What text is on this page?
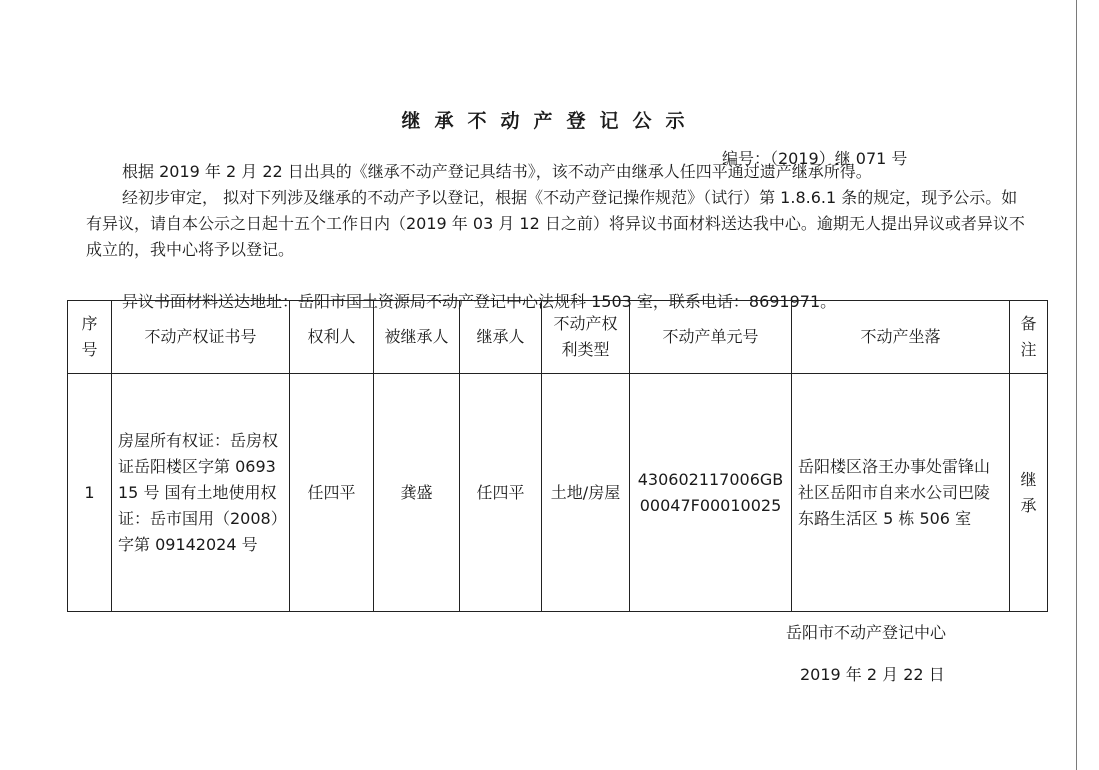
继承不动产登记公示
编号：（2019）继 071 号

根据 2019 年 2 月 22 日出具的《继承不动产登记具结书》，该不动产由继承人任四平通过遗产继承所得。

经初步审定， 拟对下列涉及继承的不动产予以登记，根据《不动产登记操作规范》（试行）第 1.8.6.1 条的规定，现予公示。如有异议，请自本公示之日起十五个工作日内（2019 年 03 月 12 日之前）将异议书面材料送达我中心。逾期无人提出异议或者异议不成立的，我中心将予以登记。

异议书面材料送达地址：岳阳市国土资源局不动产登记中心法规科 1503 室，联系电话：8691971。

序号	不动产权证书号	权利人	被继承人	继承人	不动产权利类型	不动产单元号	不动产坐落	备注
1	房屋所有权证：岳房权证岳阳楼区字第 069315 号 国有土地使用权证：岳市国用（2008）字第 09142024 号	任四平	龚盛	任四平	土地/房屋	430602117006GB00047F00010025	岳阳楼区洛王办事处雷锋山社区岳阳市自来水公司巴陵东路生活区 5 栋 506 室	继承
岳阳市不动产登记中心
2019 年 2 月 22 日
